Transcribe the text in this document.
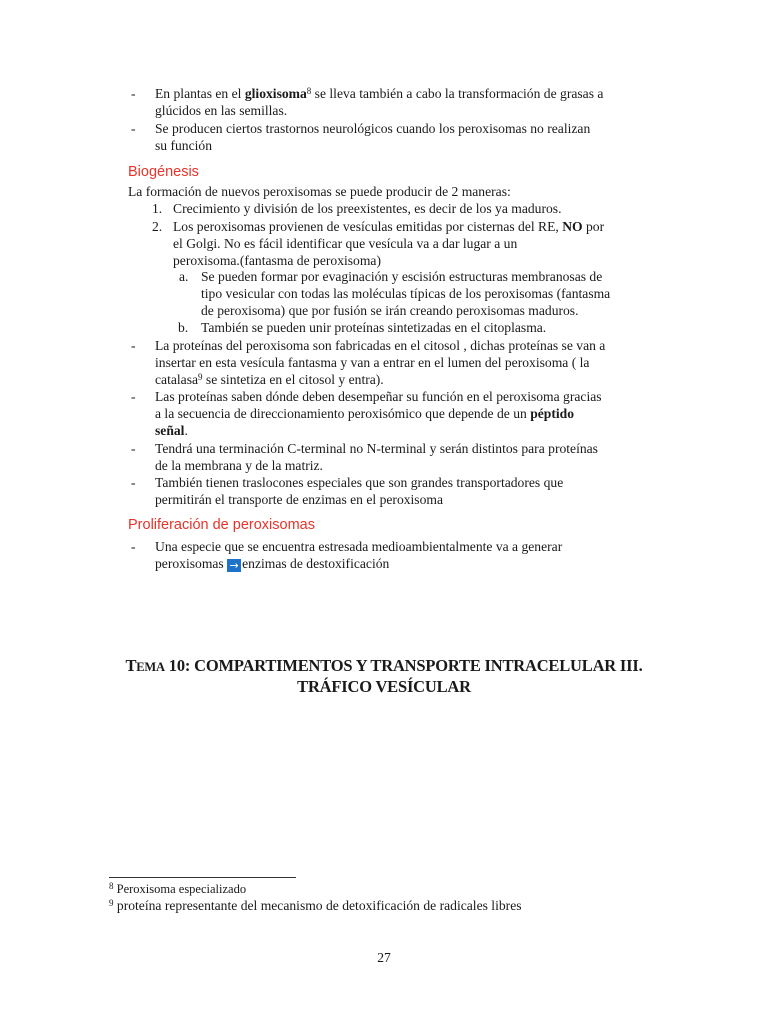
- En plantas en el glioxisoma$^8$ se lleva también a cabo la transformación de grasas a
glúcidos en las semillas.
- Se producen ciertos trastornos neurológicos cuando los peroxisomas no realizan
su función
Biogénesis
La formación de nuevos peroxisomas se puede producir de 2 maneras:
1. Crecimiento y división de los preexistentes, es decir de los ya maduros.
2. Los peroxisomas provienen de vesículas emitidas por cisternas del RE, NO por
el Golgi. No es fácil identificar que vesícula va a dar lugar a un
peroxisoma.(fantasma de peroxisoma)
a. Se pueden formar por evaginación y escisión estructuras membranosas de
tipo vesicular con todas las moléculas típicas de los peroxisomas (fantasma
de peroxisoma) que por fusión se irán creando peroxisomas maduros.
b. También se pueden unir proteínas sintetizadas en el citoplasma.
- La proteínas del peroxisoma son fabricadas en el citosol , dichas proteínas se van a
insertar en esta vesícula fantasma y van a entrar en el lumen del peroxisoma ( la
catalasa$^9$ se sintetiza en el citosol y entra).
- Las proteínas saben dónde deben desempeñar su función en el peroxisoma gracias
a la secuencia de direccionamiento peroxisómico que depende de un péptido
señal.
- Tendrá una terminación C-terminal no N-terminal y serán distintos para proteínas
de la membrana y de la matriz.
- También tienen traslocones especiales que son grandes transportadores que
permitirán el transporte de enzimas en el peroxisoma
Proliferación de peroxisomas
- Una especie que se encuentra estresada medioambientalmente va a generar
peroxisomas → enzimas de destoxificación
TEMA 10: COMPARTIMENTOS Y TRANSPORTE INTRACELULAR III.
TRÁFICO VESÍCULAR
$^8$ Peroxisoma especializado
$^9$ proteína representante del mecanismo de detoxificación de radicales libres
27
